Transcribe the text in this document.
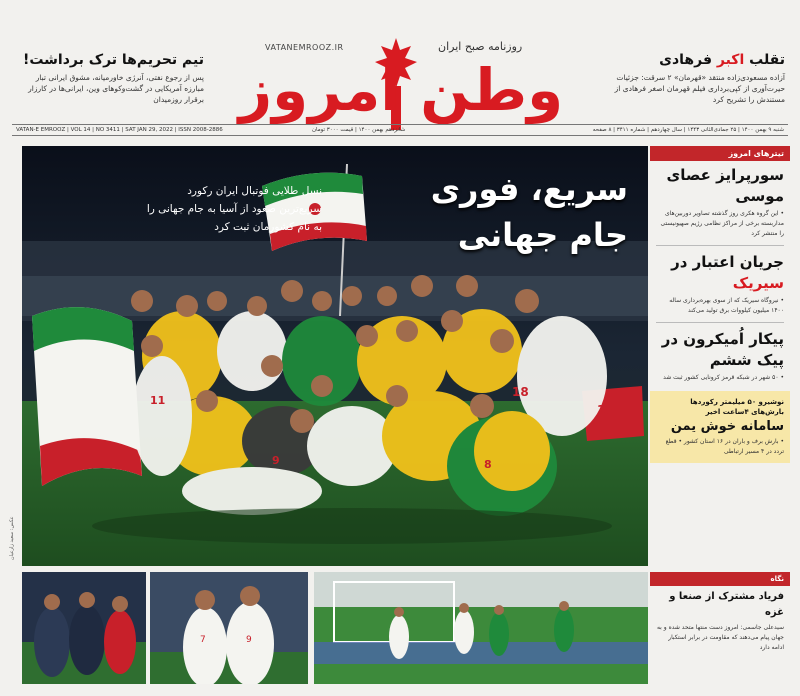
تیم تحریم‌ها ترک برداشت!
پس از رجوع نفتی، آنرژی خاورمیانه، مشوق ایرانی تبار مبارزه آمریکایی در گشت‌وکوهای وین، ایرانی‌ها در کارزار برقرار روزمیدان
VATANEMROOZ.IR	روزنامه صبح ایران
وطن امروز	تقلب اکبر فرهادی
آزاده مسعودی‌زاده منتقد «قهرمان» ۲ سرقت: جزئیات حیرت‌آوری از کپی‌برداری فیلم قهرمان اصغر فرهادی از مستندش را تشریح کرد
VATAN-E EMROOZ | VOL 14 | NO 3411 | SAT JAN 29, 2022 | ISSN 2008-2886	شانزدهم بهمن ۱۴۰۰ | قیمت ۳۰۰۰ تومان	شنبه ۹ بهمن ۱۴۰۰ | ۲۵ جمادی‌الثانی ۱۴۴۳ | سال چهاردهم | شماره ۳۴۱۱ | ۸ صفحه
18
17
11
8
9
سریع، فوری جام جهانی
نسل طلایی فوتبال ایران رکورد سریع‌ترین صعود از آسیا به جام جهانی را به نام کشورمان ثبت کرد
عکس: سعید زارعیان
تیترهای امروز
سورپرایز عصای موسی
• این گروه هکری روز گذشته تصاویر دوربین‌های مداربسته برخی از مراکز نظامی رژیم صهیونیستی را منتشر کرد
جریان اعتبار در سیریک
• نیروگاه سیریک که از سوی بهره‌برداری ساله ۱۴۰۰ میلیون کیلووات برق تولید می‌کند
پیکار اُمیکرون در پیک ششم
• ۵۰ شهر در شبکه قرمز کرونایی کشور ثبت شد
نوشیرو ۵۰ میلیمتر رکوردها بارش‌های ۴ساعت اخیر
سامانه خوش یمن
• بارش برف و باران در ۱۶ استان کشور • قطع تردد در ۴ مسیر ارتباطی
7	9
نگاه
فریاد مشترک از صنعا و غزه
سیدعلی جاسمی: امروز دست منتها متحد شده و به جهان پیام می‌دهند که مقاومت در برابر استکبار ادامه دارد
